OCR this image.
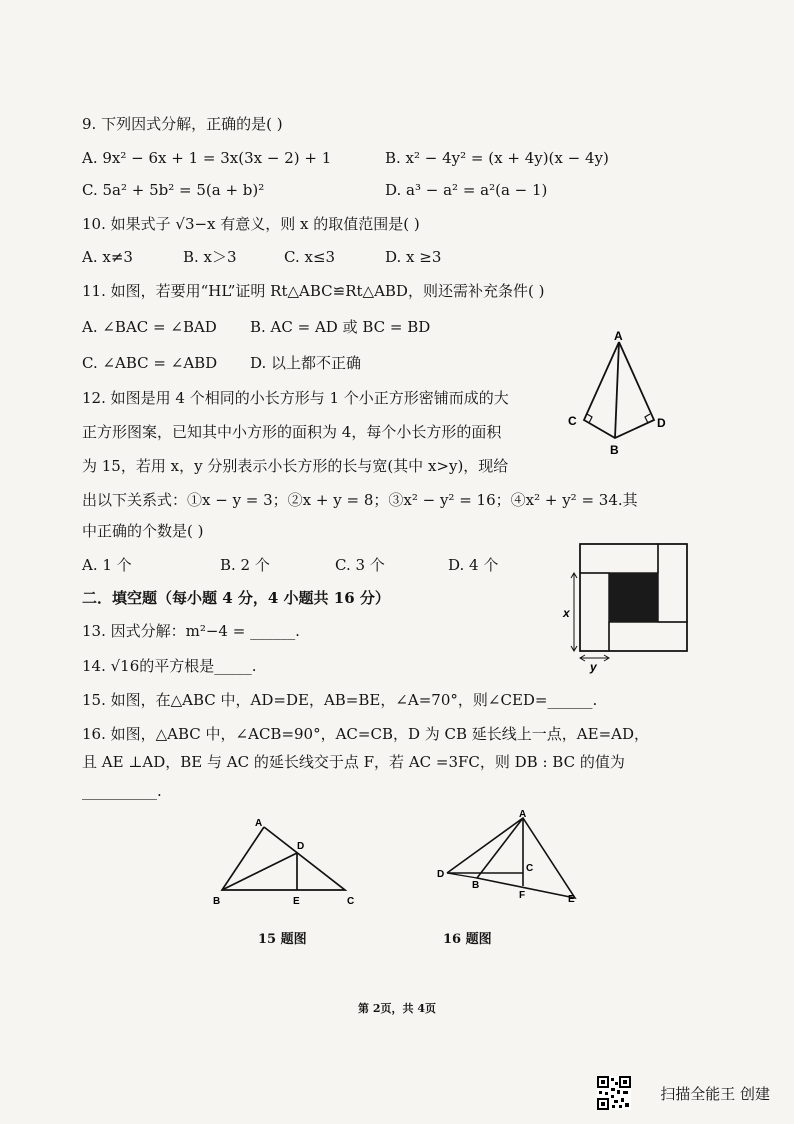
9. 下列因式分解，正确的是( )
A. 9x² − 6x + 1 = 3x(3x − 2) + 1	B. x² − 4y² = (x + 4y)(x − 4y)
C. 5a² + 5b² = 5(a + b)²	D. a³ − a² = a²(a − 1)
10. 如果式子 √3−x 有意义，则 x 的取值范围是( )
A. x≠3	B. x＞3	C. x≤3	D. x ≥3
11. 如图，若要用“HL”证明 Rt△ABC≌Rt△ABD，则还需补充条件( )
A. ∠BAC = ∠BAD B. AC = AD 或 BC = BD
C. ∠ABC = ∠ABD D. 以上都不正确
A
C
B
D
12. 如图是用 4 个相同的小长方形与 1 个小正方形密铺而成的大
正方形图案，已知其中小方形的面积为 4，每个小长方形的面积
为 15，若用 x，y 分别表示小长方形的长与宽(其中 x>y)，现给
出以下关系式：①x − y = 3；②x + y = 8；③x² − y² = 16；④x² + y² = 34.其
中正确的个数是( )
A. 1 个	B. 2 个	C. 3 个	D. 4 个
x
y
二．填空题（每小题 4 分，4 小题共 16 分）
13. 因式分解：m²−4 = ______.
14. √16的平方根是_____.
15. 如图，在△ABC 中，AD=DE，AB=BE，∠A=70°，则∠CED=______.
16. 如图，△ABC 中，∠ACB=90°，AC=CB，D 为 CB 延长线上一点，AE=AD，
且 AE ⊥AD，BE 与 AC 的延长线交于点 F，若 AC =3FC，则 DB : BC 的值为
__________.
A
B	C
D
E
15 题图
A
D
B
C
F	E
16 题图
第 2页，共 4页
扫描全能王 创建
